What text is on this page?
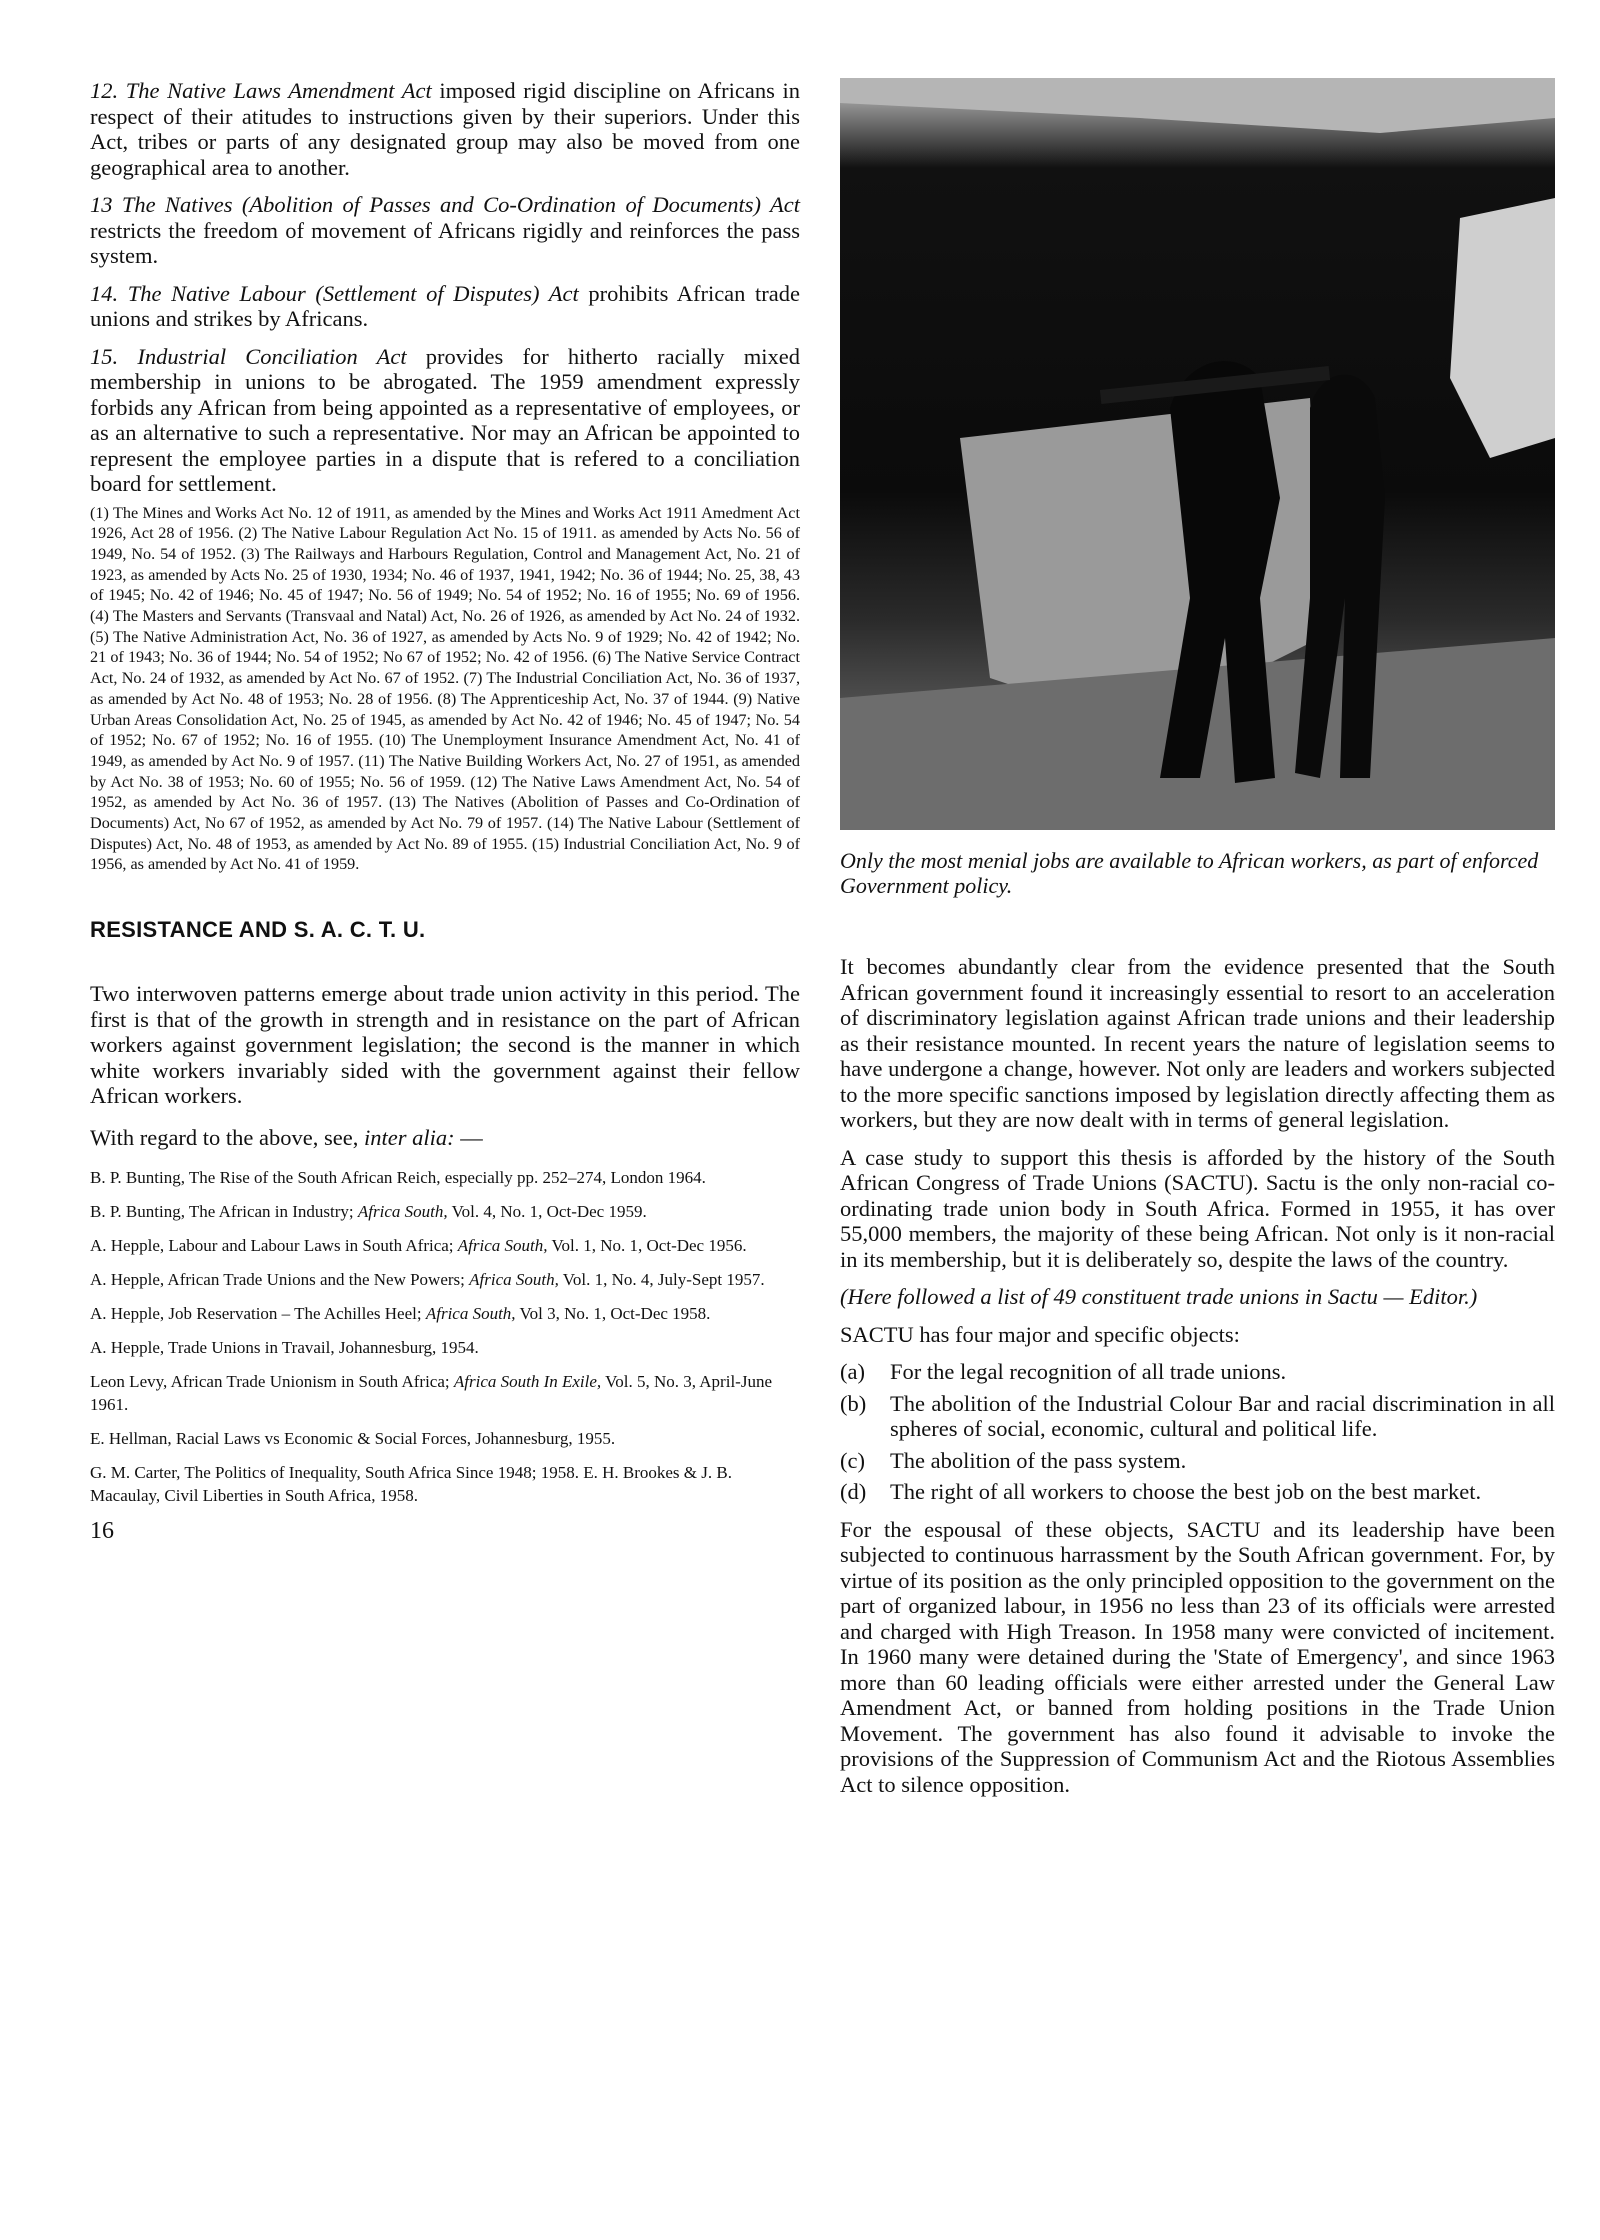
12. The Native Laws Amendment Act imposed rigid discipline on Africans in respect of their atitudes to instructions given by their superiors. Under this Act, tribes or parts of any designated group may also be moved from one geographical area to another.

13 The Natives (Abolition of Passes and Co-Ordination of Documents) Act restricts the freedom of movement of Africans rigidly and reinforces the pass system.

14. The Native Labour (Settlement of Disputes) Act prohibits African trade unions and strikes by Africans.

15. Industrial Conciliation Act provides for hitherto racially mixed membership in unions to be abrogated. The 1959 amendment expressly forbids any African from being appointed as a representative of employees, or as an alternative to such a representative. Nor may an African be appointed to represent the employee parties in a dispute that is refered to a conciliation board for settlement.

(1) The Mines and Works Act No. 12 of 1911, as amended by the Mines and Works Act 1911 Amedment Act 1926, Act 28 of 1956. (2) The Native Labour Regulation Act No. 15 of 1911. as amended by Acts No. 56 of 1949, No. 54 of 1952. (3) The Railways and Harbours Regulation, Control and Management Act, No. 21 of 1923, as amended by Acts No. 25 of 1930, 1934; No. 46 of 1937, 1941, 1942; No. 36 of 1944; No. 25, 38, 43 of 1945; No. 42 of 1946; No. 45 of 1947; No. 56 of 1949; No. 54 of 1952; No. 16 of 1955; No. 69 of 1956. (4) The Masters and Servants (Transvaal and Natal) Act, No. 26 of 1926, as amended by Act No. 24 of 1932. (5) The Native Administration Act, No. 36 of 1927, as amended by Acts No. 9 of 1929; No. 42 of 1942; No. 21 of 1943; No. 36 of 1944; No. 54 of 1952; No 67 of 1952; No. 42 of 1956. (6) The Native Service Contract Act, No. 24 of 1932, as amended by Act No. 67 of 1952. (7) The Industrial Conciliation Act, No. 36 of 1937, as amended by Act No. 48 of 1953; No. 28 of 1956. (8) The Apprenticeship Act, No. 37 of 1944. (9) Native Urban Areas Consolidation Act, No. 25 of 1945, as amended by Act No. 42 of 1946; No. 45 of 1947; No. 54 of 1952; No. 67 of 1952; No. 16 of 1955. (10) The Unemployment Insurance Amendment Act, No. 41 of 1949, as amended by Act No. 9 of 1957. (11) The Native Building Workers Act, No. 27 of 1951, as amended by Act No. 38 of 1953; No. 60 of 1955; No. 56 of 1959. (12) The Native Laws Amendment Act, No. 54 of 1952, as amended by Act No. 36 of 1957. (13) The Natives (Abolition of Passes and Co-Ordination of Documents) Act, No 67 of 1952, as amended by Act No. 79 of 1957. (14) The Native Labour (Settlement of Disputes) Act, No. 48 of 1953, as amended by Act No. 89 of 1955. (15) Industrial Conciliation Act, No. 9 of 1956, as amended by Act No. 41 of 1959.

RESISTANCE AND S. A. C. T. U.

Two interwoven patterns emerge about trade union activity in this period. The first is that of the growth in strength and in resistance on the part of African workers against government legislation; the second is the manner in which white workers invariably sided with the government against their fellow African workers.

With regard to the above, see, inter alia: —

B. P. Bunting, The Rise of the South African Reich, especially pp. 252–274, London 1964.

B. P. Bunting, The African in Industry; Africa South, Vol. 4, No. 1, Oct-Dec 1959.

A. Hepple, Labour and Labour Laws in South Africa; Africa South, Vol. 1, No. 1, Oct-Dec 1956.

A. Hepple, African Trade Unions and the New Powers; Africa South, Vol. 1, No. 4, July-Sept 1957.

A. Hepple, Job Reservation – The Achilles Heel; Africa South, Vol 3, No. 1, Oct-Dec 1958.

A. Hepple, Trade Unions in Travail, Johannesburg, 1954.

Leon Levy, African Trade Unionism in South Africa; Africa South In Exile, Vol. 5, No. 3, April-June 1961.

E. Hellman, Racial Laws vs Economic & Social Forces, Johannesburg, 1955.

G. M. Carter, The Politics of Inequality, South Africa Since 1948; 1958. E. H. Brookes & J. B. Macaulay, Civil Liberties in South Africa, 1958.

16

Only the most menial jobs are available to African workers, as part of enforced Government policy.

It becomes abundantly clear from the evidence presented that the South African government found it increasingly essential to resort to an acceleration of discriminatory legislation against African trade unions and their leadership as their resistance mounted. In recent years the nature of legislation seems to have undergone a change, however. Not only are leaders and workers subjected to the more specific sanctions imposed by legislation directly affecting them as workers, but they are now dealt with in terms of general legislation.

A case study to support this thesis is afforded by the history of the South African Congress of Trade Unions (SACTU). Sactu is the only non-racial co-ordinating trade union body in South Africa. Formed in 1955, it has over 55,000 members, the majority of these being African. Not only is it non-racial in its membership, but it is deliberately so, despite the laws of the country.

(Here followed a list of 49 constituent trade unions in Sactu — Editor.)

SACTU has four major and specific objects:

(a)	For the legal recognition of all trade unions.
(b)	The abolition of the Industrial Colour Bar and racial discrimination in all spheres of social, economic, cultural and political life.
(c)	The abolition of the pass system.
(d)	The right of all workers to choose the best job on the best market.

For the espousal of these objects, SACTU and its leadership have been subjected to continuous harrassment by the South African government. For, by virtue of its position as the only principled opposition to the government on the part of organized labour, in 1956 no less than 23 of its officials were arrested and charged with High Treason. In 1958 many were convicted of incitement. In 1960 many were detained during the 'State of Emergency', and since 1963 more than 60 leading officials were either arrested under the General Law Amendment Act, or banned from holding positions in the Trade Union Movement. The government has also found it advisable to invoke the provisions of the Suppression of Communism Act and the Riotous Assemblies Act to silence opposition.
